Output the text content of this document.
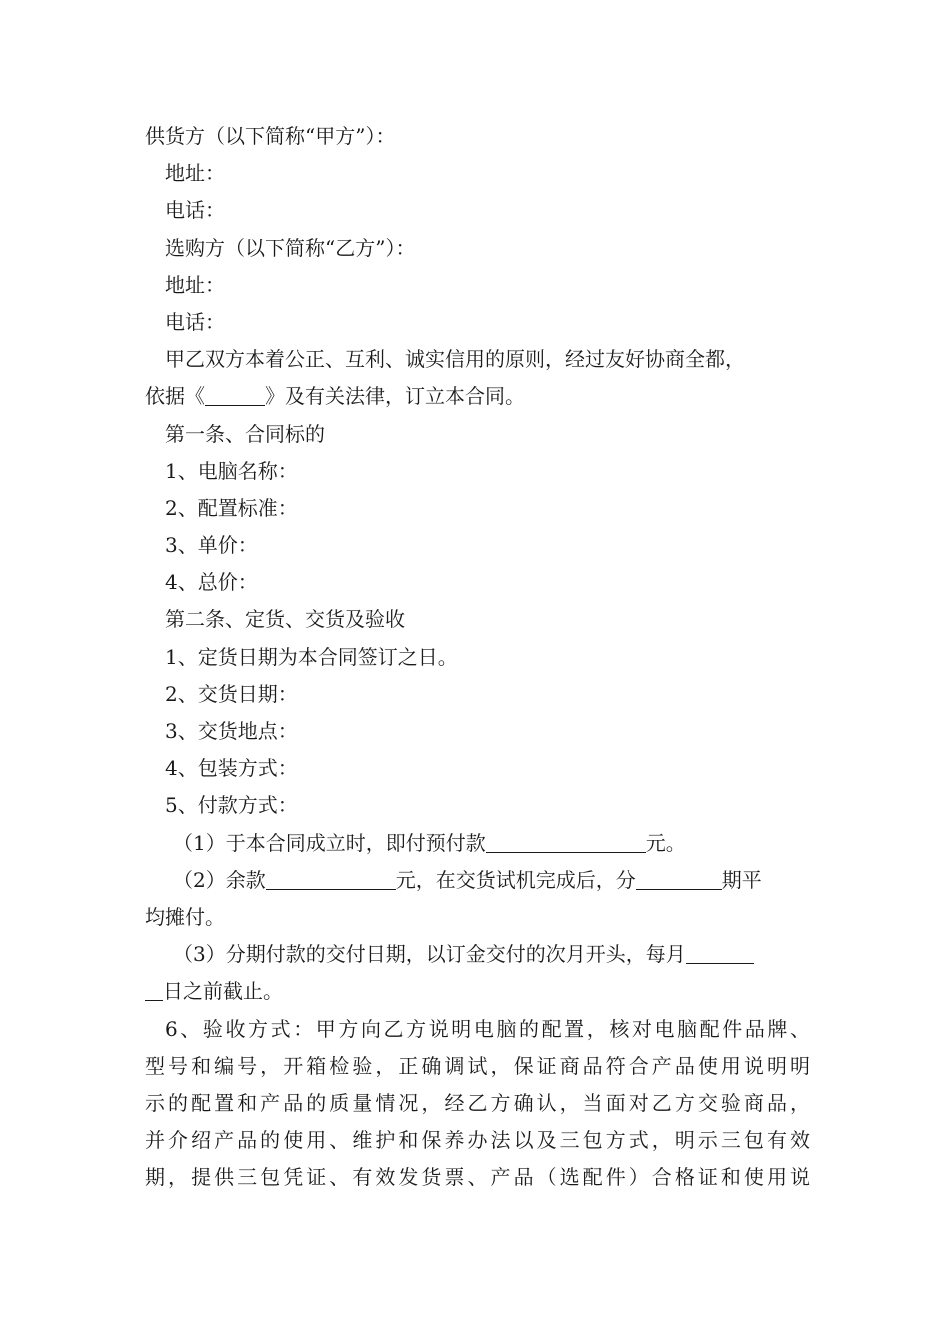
供货方（以下简称“甲方”）：
地址：
电话：
选购方（以下简称“乙方”）：
地址：
电话：
甲乙双方本着公正、互利、诚实信用的原则，经过友好协商全都，
依据《	》及有关法律，订立本合同。
第一条、合同标的
1、电脑名称：
2、配置标准：
3、单价：
4、总价：
第二条、定货、交货及验收
1、定货日期为本合同签订之日。
2、交货日期：
3、交货地点：
4、包装方式：
5、付款方式：
（1）于本合同成立时，即付预付款	元。
（2）余款	元，在交货试机完成后，分	期平
均摊付。
（3）分期付款的交付日期，以订金交付的次月开头，每月
日之前截止。
6、验收方式：甲方向乙方说明电脑的配置，核对电脑配件品牌、
型号和编号，开箱检验，正确调试，保证商品符合产品使用说明明
示的配置和产品的质量情况，经乙方确认，当面对乙方交验商品，
并介绍产品的使用、维护和保养办法以及三包方式，明示三包有效
期，提供三包凭证、有效发货票、产品（选配件）合格证和使用说
